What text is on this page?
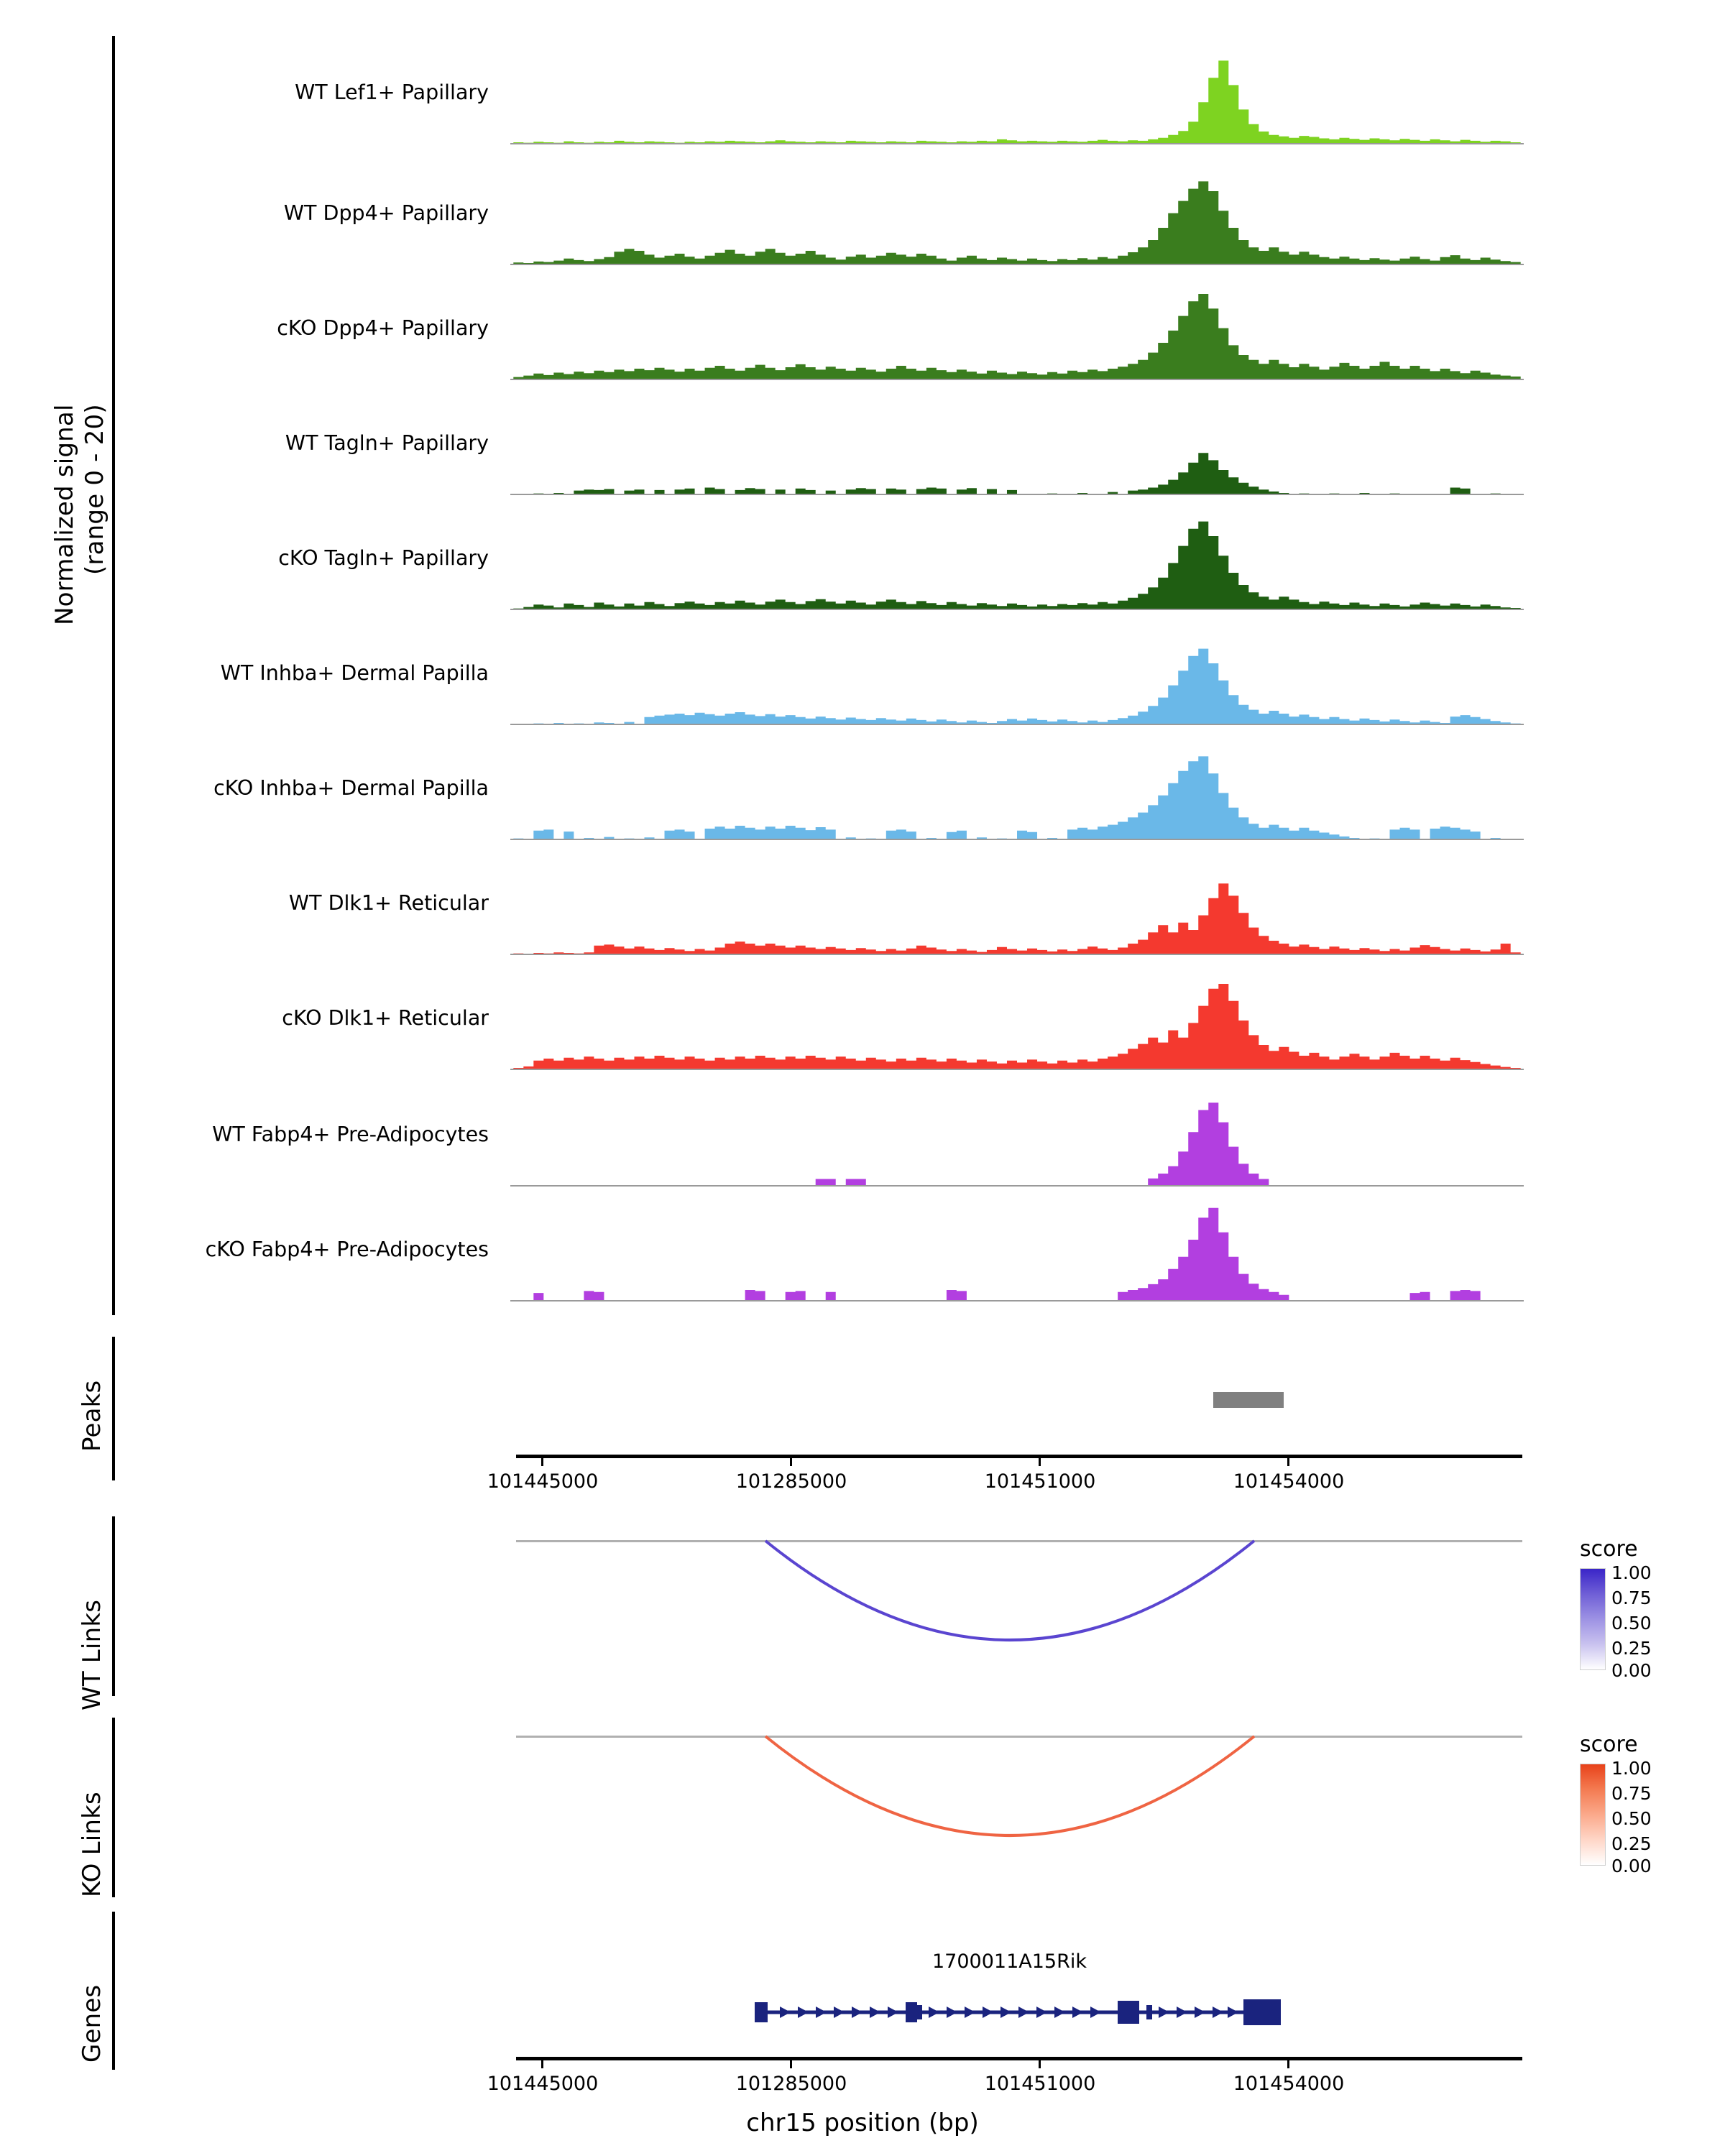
Normalized signal (range 0 - 20)
Peaks
WT Links
KO Links
Genes
WT Lef1+ Papillary
WT Dpp4+ Papillary
cKO Dpp4+ Papillary
WT Tagln+ Papillary
cKO Tagln+ Papillary
WT Inhba+ Dermal Papilla
cKO Inhba+ Dermal Papilla
WT Dlk1+ Reticular
cKO Dlk1+ Reticular
WT Fabp4+ Pre-Adipocytes
cKO Fabp4+ Pre-Adipocytes
101445000	101285000	101451000	101454000
score
1.00
0.75
0.50
0.25
0.00
score
1.00
0.75
0.50
0.25
0.00
1700011A15Rik
101445000	101285000	101451000	101454000
chr15 position (bp)
